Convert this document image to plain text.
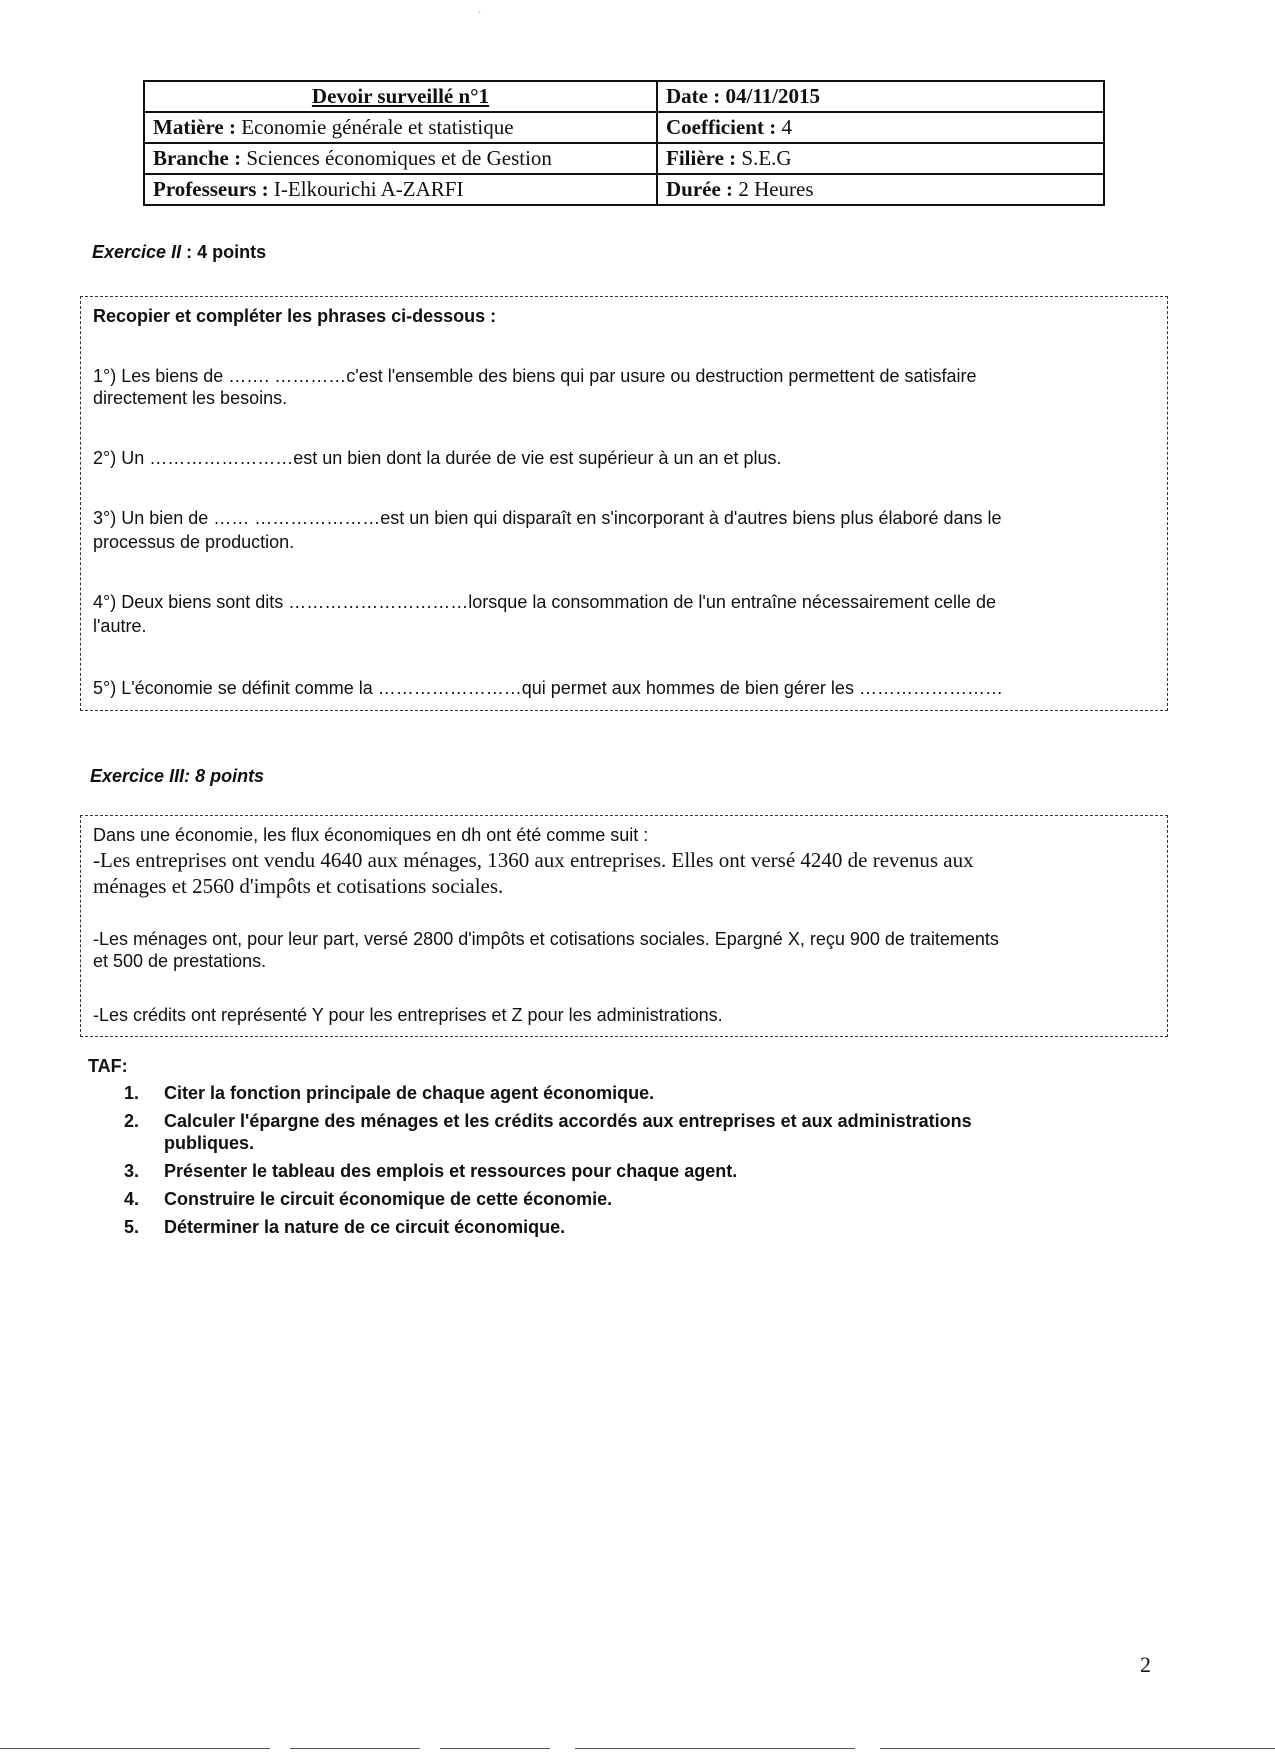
·
Devoir surveillé n°1	Date : 04/11/2015
Matière : Economie générale et statistique	Coefficient : 4
Branche : Sciences économiques et de Gestion	Filière : S.E.G
Professeurs : I-Elkourichi A-ZARFI	Durée : 2 Heures
Exercice II : 4 points
Recopier et compléter les phrases ci-dessous :
1°) Les biens de ……. …………c'est l'ensemble des biens qui par usure ou destruction permettent de satisfaire
directement les besoins.
2°) Un ……………………est un bien dont la durée de vie est supérieur à un an et plus.
3°) Un bien de …… …………………est un bien qui disparaît en s'incorporant à d'autres biens plus élaboré dans le
processus de production.
4°) Deux biens sont dits …………………………lorsque la consommation de l'un entraîne nécessairement celle de
l'autre.
5°) L'économie se définit comme la ……………………qui permet aux hommes de bien gérer les ……………………
Exercice III: 8 points
Dans une économie, les flux économiques en dh ont été comme suit :
-Les entreprises ont vendu 4640 aux ménages, 1360 aux entreprises. Elles ont versé 4240 de revenus aux
ménages et 2560 d'impôts et cotisations sociales.
-Les ménages ont, pour leur part, versé 2800 d'impôts et cotisations sociales. Epargné X, reçu 900 de traitements
et 500 de prestations.
-Les crédits ont représenté Y pour les entreprises et Z pour les administrations.
TAF:
1. Citer la fonction principale de chaque agent économique.
2. Calculer l'épargne des ménages et les crédits accordés aux entreprises et aux administrations publiques.
3. Présenter le tableau des emplois et ressources pour chaque agent.
4. Construire le circuit économique de cette économie.
5. Déterminer la nature de ce circuit économique.
2
